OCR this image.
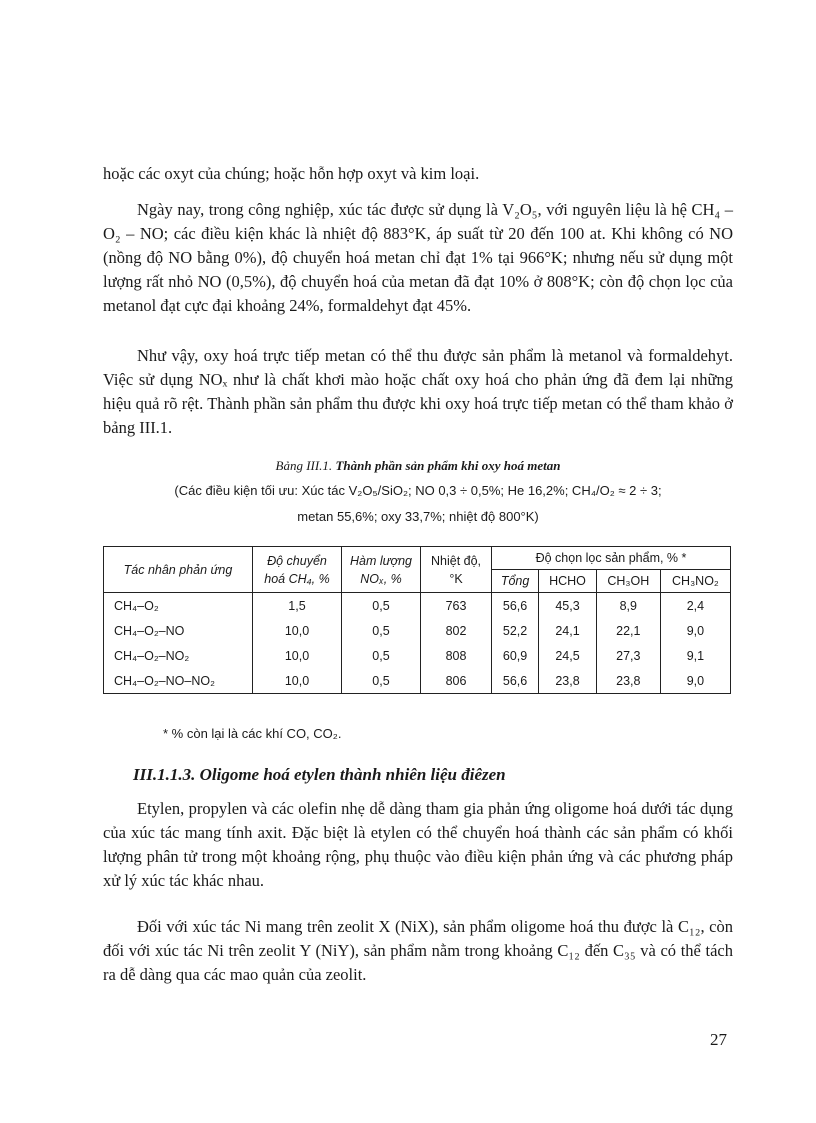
hoặc các oxyt của chúng; hoặc hỗn hợp oxyt và kim loại.

Ngày nay, trong công nghiệp, xúc tác được sử dụng là V₂O₅, với nguyên liệu là hệ CH₄ – O₂ – NO; các điều kiện khác là nhiệt độ 883°K, áp suất từ 20 đến 100 at. Khi không có NO (nồng độ NO bằng 0%), độ chuyển hoá metan chỉ đạt 1% tại 966°K; nhưng nếu sử dụng một lượng rất nhỏ NO (0,5%), độ chuyển hoá của metan đã đạt 10% ở 808°K; còn độ chọn lọc của metanol đạt cực đại khoảng 24%, formaldehyt đạt 45%.

Như vậy, oxy hoá trực tiếp metan có thể thu được sản phẩm là metanol và formaldehyt. Việc sử dụng NOₓ như là chất khơi mào hoặc chất oxy hoá cho phản ứng đã đem lại những hiệu quả rõ rệt. Thành phần sản phẩm thu được khi oxy hoá trực tiếp metan có thể tham khảo ở bảng III.1.

Bảng III.1. Thành phần sản phẩm khi oxy hoá metan
(Các điều kiện tối ưu: Xúc tác V₂O₅/SiO₂; NO 0,3 ÷ 0,5%; He 16,2%; CH₄/O₂ ≈ 2 ÷ 3;
metan 55,6%; oxy 33,7%; nhiệt độ 800°K)
Tác nhân phản ứng	Độ chuyển hoá CH₄, %	Hàm lượng NOₓ, %	Nhiệt độ, °K	Độ chọn lọc sản phẩm, % *			
				Tổng	HCHO	CH₃OH	CH₃NO₂
CH₄–O₂	1,5	0,5	763	56,6	45,3	8,9	2,4
CH₄–O₂–NO	10,0	0,5	802	52,2	24,1	22,1	9,0
CH₄–O₂–NO₂	10,0	0,5	808	60,9	24,5	27,3	9,1
CH₄–O₂–NO–NO₂	10,0	0,5	806	56,6	23,8	23,8	9,0
* % còn lại là các khí CO, CO₂.
III.1.1.3. Oligome hoá etylen thành nhiên liệu điêzen

Etylen, propylen và các olefin nhẹ dễ dàng tham gia phản ứng oligome hoá dưới tác dụng của xúc tác mang tính axit. Đặc biệt là etylen có thể chuyển hoá thành các sản phẩm có khối lượng phân tử trong một khoảng rộng, phụ thuộc vào điều kiện phản ứng và các phương pháp xử lý xúc tác khác nhau.

Đối với xúc tác Ni mang trên zeolit X (NiX), sản phẩm oligome hoá thu được là C₁₂, còn đối với xúc tác Ni trên zeolit Y (NiY), sản phẩm nằm trong khoảng C₁₂ đến C₃₅ và có thể tách ra dễ dàng qua các mao quản của zeolit.

27
